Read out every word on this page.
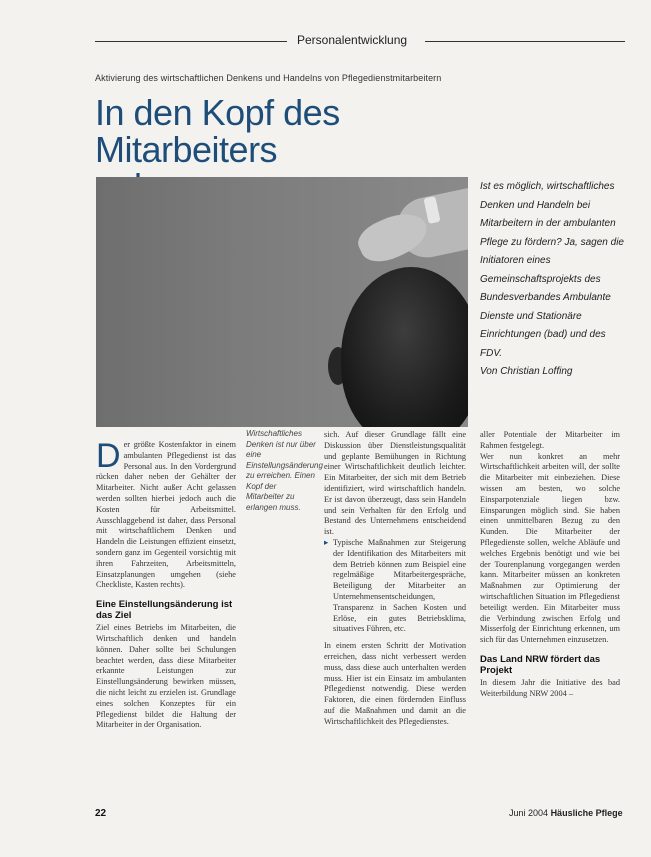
Personalentwicklung
Aktivierung des wirtschaftlichen Denkens und Handelns von Pflegedienstmitarbeitern
In den Kopf des Mitarbeiters
Ist es möglich, wirtschaftliches Denken und Handeln bei Mitarbeitern in der ambulanten Pflege zu fördern? Ja, sagen die Initiatoren eines Gemeinschaftsprojekts des Bundesverbandes Ambulante Dienste und Stationäre Einrichtungen (bad) und des FDV.
Von Christian Loffing
Wirtschaftliches Denken ist nur über eine Einstellungsänderung zu erreichen. Einen Kopf der Mitarbeiter zu erlangen muss.
D er größte Kostenfaktor in einem ambulanten Pflegedienst ist das Personal aus. In den Vordergrund rücken daher neben der Gehälter der Mitarbeiter. Nicht außer Acht gelassen werden sollten hierbei jedoch auch die Kosten für Arbeitsmittel. Ausschlaggebend ist daher, dass Personal mit wirtschaftlichem Denken und Handeln die Leistungen effizient einsetzt, sondern ganz im Gegenteil vorsichtig mit ihren Fahrzeiten, Arbeitsmitteln, Einsatzplanungen umgehen (siehe Checkliste, Kasten rechts).
Eine Einstellungsänderung ist das Ziel
Ziel eines Betriebs im Mitarbeiten, die Wirtschaftlich denken und handeln können. Daher sollte bei Schulungen beachtet werden, dass diese Mitarbeiter erkannte Leistungen zur Einstellungsänderung bewirken müssen, die nicht leicht zu erzielen ist. Grundlage eines solchen Konzeptes für ein Pflegedienst bildet die Haltung der Mitarbeiter in der Organisation.
sich. Auf dieser Grundlage fällt eine Diskussion über Dienstleistungsqualität und geplante Bemühungen in Richtung einer Wirtschaftlichkeit deutlich leichter. Ein Mitarbeiter, der sich mit dem Betrieb identifiziert, wird wirtschaftlich handeln. Er ist davon überzeugt, dass sein Handeln und sein Verhalten für den Erfolg und Bestand des Unternehmens entscheidend ist.
▸ Typische Maßnahmen zur Steigerung der Identifikation des Mitarbeiters mit dem Betrieb können zum Beispiel eine regelmäßige Mitarbeitergespräche, Beteiligung der Mitarbeiter an Unternehmensentscheidungen, Transparenz in Sachen Kosten und Erlöse, ein gutes Betriebsklima, situatives Führen, etc.
In einem ersten Schritt der Motivation erreichen, dass nicht verbessert werden muss, dass diese auch unterhalten werden muss. Hier ist ein Einsatz im ambulanten Pflegedienst notwendig. Diese werden Faktoren, die einen fördernden Einfluss auf die Maßnahmen und damit an die Wirtschaftlichkeit des Pflegedienstes.
aller Potentiale der Mitarbeiter im Rahmen festgelegt.
Wer nun konkret an mehr Wirtschaftlichkeit arbeiten will, der sollte die Mitarbeiter mit einbeziehen. Diese wissen am besten, wo solche Einsparpotenziale liegen bzw. Einsparungen möglich sind. Sie haben einen unmittelbaren Bezug zu den Kunden. Die Mitarbeiter der Pflegedienste sollen, welche Abläufe und welches Ergebnis benötigt und wie bei der Tourenplanung vorgegangen werden kann. Mitarbeiter müssen an konkreten Maßnahmen zur Optimierung der wirtschaftlichen Situation im Pflegedienst beteiligt werden. Ein Mitarbeiter muss die Verbindung zwischen Erfolg und Misserfolg der Einrichtung erkennen, um sich für das Unternehmen einzusetzen.
Das Land NRW fördert das Projekt
In diesem Jahr die Initiative des bad Weiterbildung NRW 2004 –
22	Juni 2004 Häusliche Pflege
